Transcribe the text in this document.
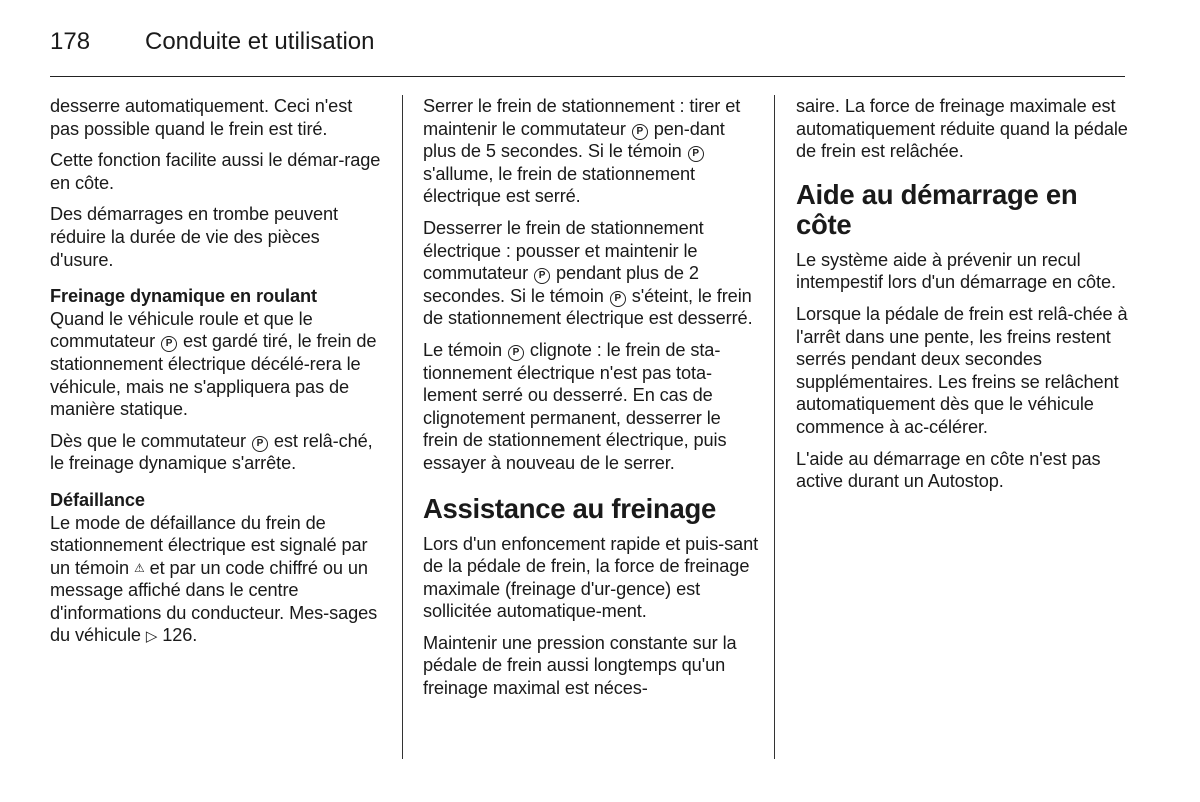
178 Conduite et utilisation

desserre automatiquement. Ceci n'est pas possible quand le frein est tiré.

Cette fonction facilite aussi le démar-rage en côte.

Des démarrages en trombe peuvent réduire la durée de vie des pièces d'usure.

Freinage dynamique en roulant

Quand le véhicule roule et que le commutateur P est gardé tiré, le frein de stationnement électrique décélé-rera le véhicule, mais ne s'appliquera pas de manière statique.

Dès que le commutateur P est relâ-ché, le freinage dynamique s'arrête.

Défaillance

Le mode de défaillance du frein de stationnement électrique est signalé par un témoin ⚠ et par un code chiffré ou un message affiché dans le centre d'informations du conducteur. Mes-sages du véhicule ▷ 126.

Serrer le frein de stationnement : tirer et maintenir le commutateur P pen-dant plus de 5 secondes. Si le témoin P s'allume, le frein de stationnement électrique est serré.

Desserrer le frein de stationnement électrique : pousser et maintenir le commutateur P pendant plus de 2 secondes. Si le témoin P s'éteint, le frein de stationnement électrique est desserré.

Le témoin P clignote : le frein de sta-tionnement électrique n'est pas tota-lement serré ou desserré. En cas de clignotement permanent, desserrer le frein de stationnement électrique, puis essayer à nouveau de le serrer.

Assistance au freinage

Lors d'un enfoncement rapide et puis-sant de la pédale de frein, la force de freinage maximale (freinage d'ur-gence) est sollicitée automatique-ment.

Maintenir une pression constante sur la pédale de frein aussi longtemps qu'un freinage maximal est néces-

saire. La force de freinage maximale est automatiquement réduite quand la pédale de frein est relâchée.

Aide au démarrage en côte

Le système aide à prévenir un recul intempestif lors d'un démarrage en côte.

Lorsque la pédale de frein est relâ-chée à l'arrêt dans une pente, les freins restent serrés pendant deux secondes supplémentaires. Les freins se relâchent automatiquement dès que le véhicule commence à ac-célérer.

L'aide au démarrage en côte n'est pas active durant un Autostop.
